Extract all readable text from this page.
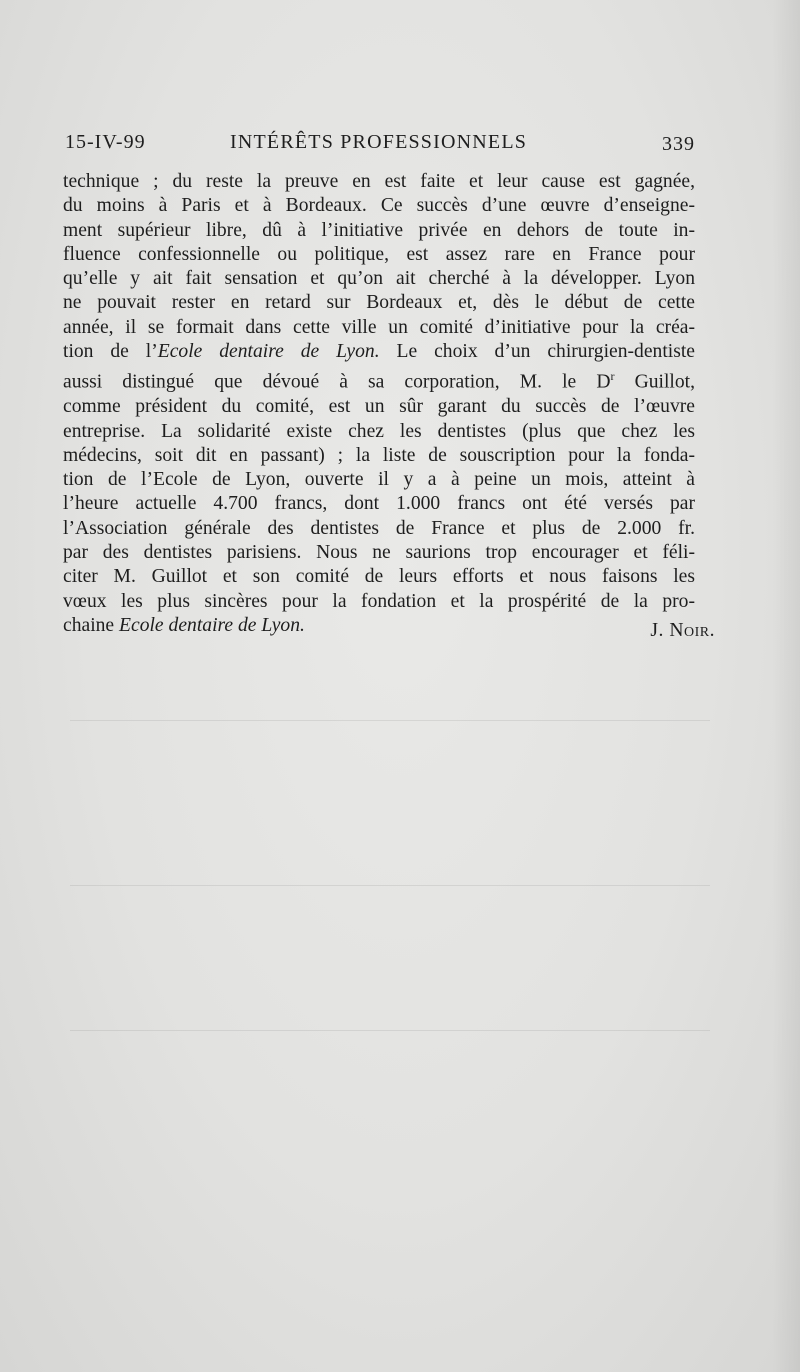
15-IV-99	INTÉRÊTS PROFESSIONNELS	339
technique ; du reste la preuve en est faite et leur cause est gagnée,
du moins à Paris et à Bordeaux. Ce succès d’une œuvre d’enseigne-
ment supérieur libre, dû à l’initiative privée en dehors de toute in-
fluence confessionnelle ou politique, est assez rare en France pour
qu’elle y ait fait sensation et qu’on ait cherché à la développer. Lyon
ne pouvait rester en retard sur Bordeaux et, dès le début de cette
année, il se formait dans cette ville un comité d’initiative pour la créa-
tion de l’Ecole dentaire de Lyon. Le choix d’un chirurgien-dentiste
aussi distingué que dévoué à sa corporation, M. le $D^r$ Guillot,
comme président du comité, est un sûr garant du succès de l’œuvre
entreprise. La solidarité existe chez les dentistes (plus que chez les
médecins, soit dit en passant) ; la liste de souscription pour la fonda-
tion de l’Ecole de Lyon, ouverte il y a à peine un mois, atteint à
l’heure actuelle 4.700 francs, dont 1.000 francs ont été versés par
l’Association générale des dentistes de France et plus de 2.000 fr.
par des dentistes parisiens. Nous ne saurions trop encourager et féli-
citer M. Guillot et son comité de leurs efforts et nous faisons les
vœux les plus sincères pour la fondation et la prospérité de la pro-
chaine Ecole dentaire de Lyon.	J. Noir.
